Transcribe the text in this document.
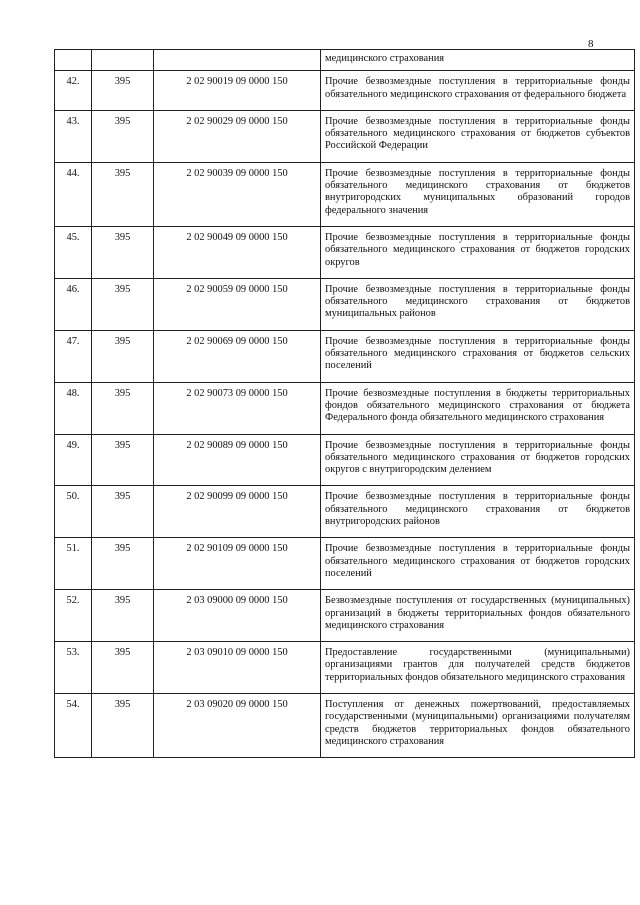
8
			медицинского страхования
42.	395	2 02 90019 09 0000 150	Прочие безвозмездные поступления в территориальные фонды обязательного медицинского страхования от федерального бюджета
43.	395	2 02 90029 09 0000 150	Прочие безвозмездные поступления в территориальные фонды обязательного медицинского страхования от бюджетов субъектов Российской Федерации
44.	395	2 02 90039 09 0000 150	Прочие безвозмездные поступления в территориальные фонды обязательного медицинского страхования от бюджетов внутригородских муниципальных образований городов федерального значения
45.	395	2 02 90049 09 0000 150	Прочие безвозмездные поступления в территориальные фонды обязательного медицинского страхования от бюджетов городских округов
46.	395	2 02 90059 09 0000 150	Прочие безвозмездные поступления в территориальные фонды обязательного медицинского страхования от бюджетов муниципальных районов
47.	395	2 02 90069 09 0000 150	Прочие безвозмездные поступления в территориальные фонды обязательного медицинского страхования от бюджетов сельских поселений
48.	395	2 02 90073 09 0000 150	Прочие безвозмездные поступления в бюджеты территориальных фондов обязательного медицинского страхования от бюджета Федерального фонда обязательного медицинского страхования
49.	395	2 02 90089 09 0000 150	Прочие безвозмездные поступления в территориальные фонды обязательного медицинского страхования от бюджетов городских округов с внутригородским делением
50.	395	2 02 90099 09 0000 150	Прочие безвозмездные поступления в территориальные фонды обязательного медицинского страхования от бюджетов внутригородских районов
51.	395	2 02 90109 09 0000 150	Прочие безвозмездные поступления в территориальные фонды обязательного медицинского страхования от бюджетов городских поселений
52.	395	2 03 09000 09 0000 150	Безвозмездные поступления от государственных (муниципальных) организаций в бюджеты территориальных фондов обязательного медицинского страхования
53.	395	2 03 09010 09 0000 150	Предоставление государственными (муниципальными) организациями грантов для получателей средств бюджетов территориальных фондов обязательного медицинского страхования
54.	395	2 03 09020 09 0000 150	Поступления от денежных пожертвований, предоставляемых государственными (муниципальными) организациями получателям средств бюджетов территориальных фондов обязательного медицинского страхования
